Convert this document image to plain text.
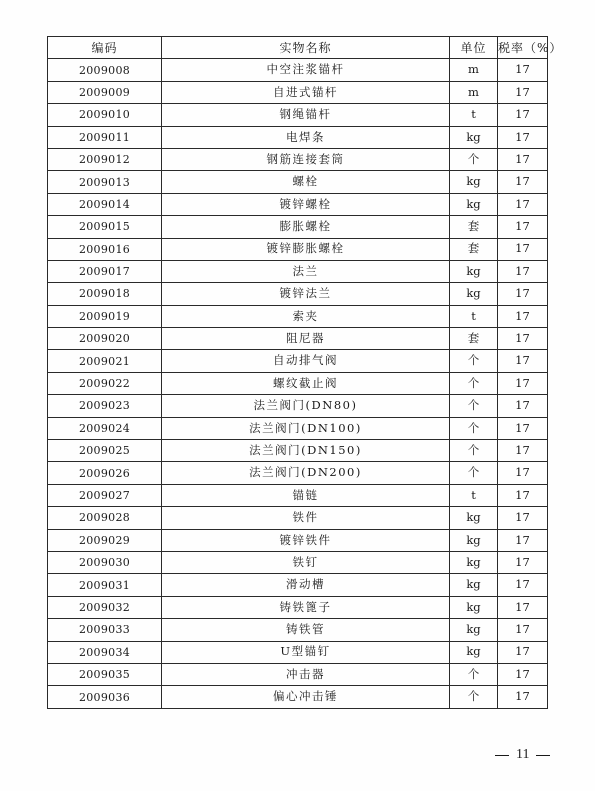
编码	实物名称	单位	税率（%）
2009008	中空注浆锚杆	m	17
2009009	自进式锚杆	m	17
2009010	钢绳锚杆	t	17
2009011	电焊条	kg	17
2009012	钢筋连接套筒	个	17
2009013	螺栓	kg	17
2009014	镀锌螺栓	kg	17
2009015	膨胀螺栓	套	17
2009016	镀锌膨胀螺栓	套	17
2009017	法兰	kg	17
2009018	镀锌法兰	kg	17
2009019	索夹	t	17
2009020	阻尼器	套	17
2009021	自动排气阀	个	17
2009022	螺纹截止阀	个	17
2009023	法兰阀门(DN80)	个	17
2009024	法兰阀门(DN100)	个	17
2009025	法兰阀门(DN150)	个	17
2009026	法兰阀门(DN200)	个	17
2009027	锚链	t	17
2009028	铁件	kg	17
2009029	镀锌铁件	kg	17
2009030	铁钉	kg	17
2009031	滑动槽	kg	17
2009032	铸铁篦子	kg	17
2009033	铸铁管	kg	17
2009034	U型锚钉	kg	17
2009035	冲击器	个	17
2009036	偏心冲击锤	个	17
11
